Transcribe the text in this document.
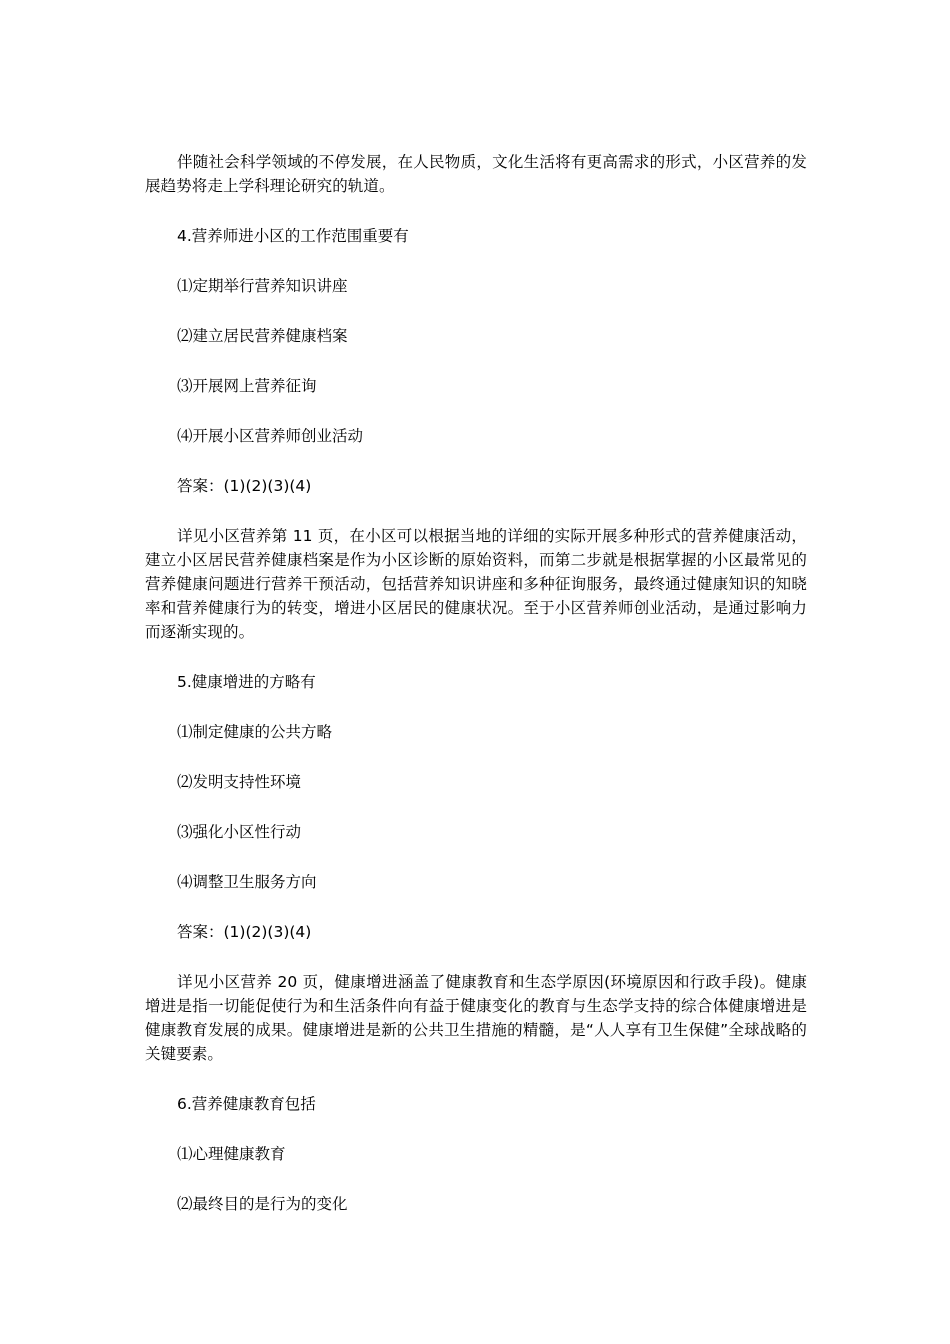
伴随社会科学领域的不停发展，在人民物质，文化生活将有更高需求的形式，小区营养的发展趋势将走上学科理论研究的轨道。

4.营养师进小区的工作范围重要有

⑴定期举行营养知识讲座

⑵建立居民营养健康档案

⑶开展网上营养征询

⑷开展小区营养师创业活动

答案：(1)(2)(3)(4)

详见小区营养第 11 页，在小区可以根据当地的详细的实际开展多种形式的营养健康活动，建立小区居民营养健康档案是作为小区诊断的原始资料，而第二步就是根据掌握的小区最常见的营养健康问题进行营养干预活动，包括营养知识讲座和多种征询服务，最终通过健康知识的知晓率和营养健康行为的转变，增进小区居民的健康状况。至于小区营养师创业活动，是通过影响力而逐渐实现的。

5.健康增进的方略有

⑴制定健康的公共方略

⑵发明支持性环境

⑶强化小区性行动

⑷调整卫生服务方向

答案：(1)(2)(3)(4)

详见小区营养 20 页，健康增进涵盖了健康教育和生态学原因(环境原因和行政手段)。健康增进是指一切能促使行为和生活条件向有益于健康变化的教育与生态学支持的综合体健康增进是健康教育发展的成果。健康增进是新的公共卫生措施的精髓，是“人人享有卫生保健”全球战略的关键要素。

6.营养健康教育包括

⑴心理健康教育

⑵最终目的是行为的变化
